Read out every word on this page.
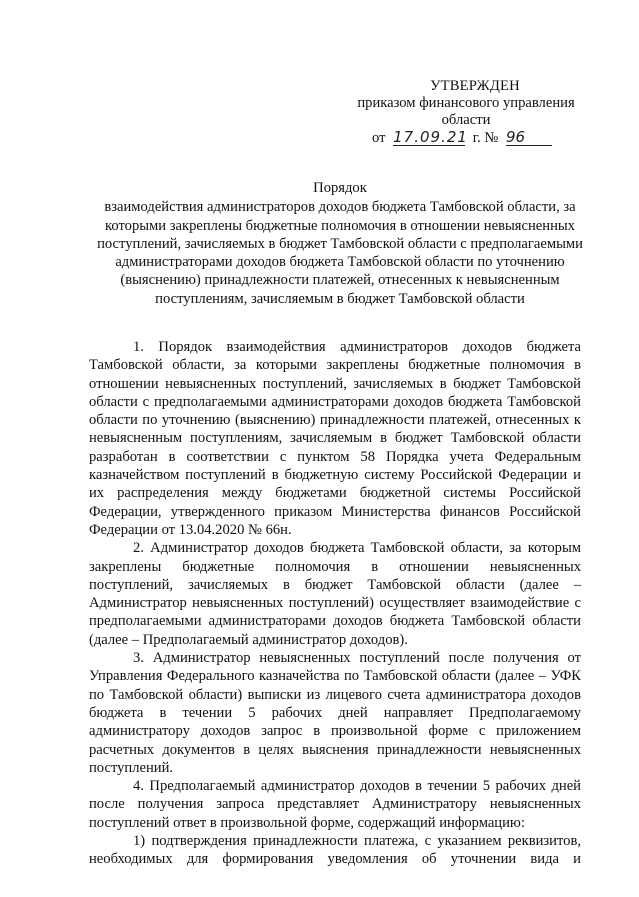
УТВЕРЖДЕН
приказом финансового управления
области
от 17.09.21 г. № 96
Порядок
взаимодействия администраторов доходов бюджета Тамбовской области, за которыми закреплены бюджетные полномочия в отношении невыясненных поступлений, зачисляемых в бюджет Тамбовской области с предполагаемыми администраторами доходов бюджета Тамбовской области по уточнению (выяснению) принадлежности платежей, отнесенных к невыясненным поступлениям, зачисляемым в бюджет Тамбовской области

1. Порядок взаимодействия администраторов доходов бюджета Тамбовской области, за которыми закреплены бюджетные полномочия в отношении невыясненных поступлений, зачисляемых в бюджет Тамбовской области с предполагаемыми администраторами доходов бюджета Тамбовской области по уточнению (выяснению) принадлежности платежей, отнесенных к невыясненным поступлениям, зачисляемым в бюджет Тамбовской области разработан в соответствии с пунктом 58 Порядка учета Федеральным казначейством поступлений в бюджетную систему Российской Федерации и их распределения между бюджетами бюджетной системы Российской Федерации, утвержденного приказом Министерства финансов Российской Федерации от 13.04.2020 № 66н.

2. Администратор доходов бюджета Тамбовской области, за которым закреплены бюджетные полномочия в отношении невыясненных поступлений, зачисляемых в бюджет Тамбовской области (далее – Администратор невыясненных поступлений) осуществляет взаимодействие с предполагаемыми администраторами доходов бюджета Тамбовской области (далее – Предполагаемый администратор доходов).

3. Администратор невыясненных поступлений после получения от Управления Федерального казначейства по Тамбовской области (далее – УФК по Тамбовской области) выписки из лицевого счета администратора доходов бюджета в течении 5 рабочих дней направляет Предполагаемому администратору доходов запрос в произвольной форме с приложением расчетных документов в целях выяснения принадлежности невыясненных поступлений.

4. Предполагаемый администратор доходов в течении 5 рабочих дней после получения запроса представляет Администратору невыясненных поступлений ответ в произвольной форме, содержащий информацию:

1) подтверждения принадлежности платежа, с указанием реквизитов, необходимых для формирования уведомления об уточнении вида и
